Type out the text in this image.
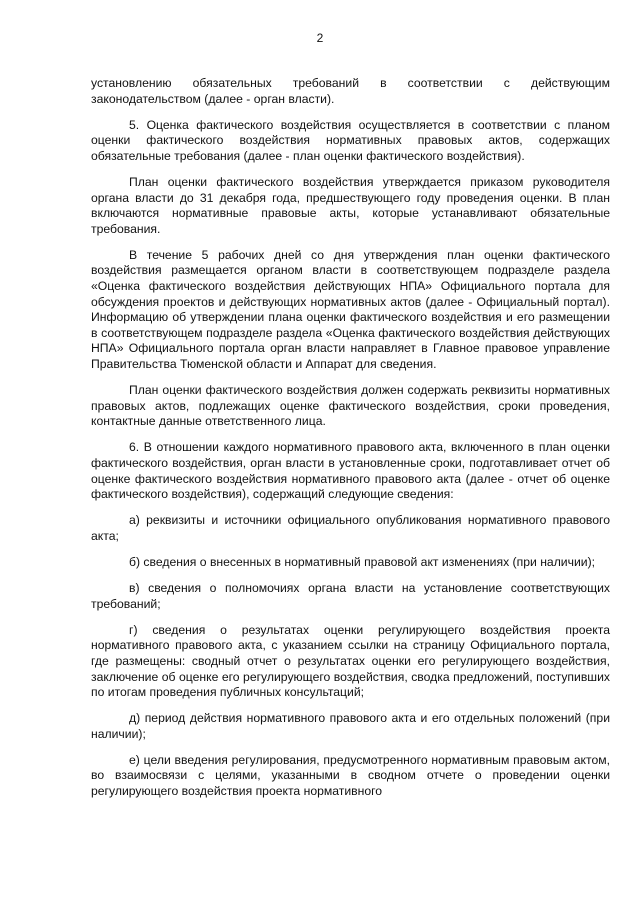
2

установлению обязательных требований в соответствии с действующим законодательством (далее - орган власти).

5. Оценка фактического воздействия осуществляется в соответствии с планом оценки фактического воздействия нормативных правовых актов, содержащих обязательные требования (далее - план оценки фактического воздействия).

План оценки фактического воздействия утверждается приказом руководителя органа власти до 31 декабря года, предшествующего году проведения оценки. В план включаются нормативные правовые акты, которые устанавливают обязательные требования.

В течение 5 рабочих дней со дня утверждения план оценки фактического воздействия размещается органом власти в соответствующем подразделе раздела «Оценка фактического воздействия действующих НПА» Официального портала для обсуждения проектов и действующих нормативных актов (далее - Официальный портал). Информацию об утверждении плана оценки фактического воздействия и его размещении в соответствующем подразделе раздела «Оценка фактического воздействия действующих НПА» Официального портала орган власти направляет в Главное правовое управление Правительства Тюменской области и Аппарат для сведения.

План оценки фактического воздействия должен содержать реквизиты нормативных правовых актов, подлежащих оценке фактического воздействия, сроки проведения, контактные данные ответственного лица.

6. В отношении каждого нормативного правового акта, включенного в план оценки фактического воздействия, орган власти в установленные сроки, подготавливает отчет об оценке фактического воздействия нормативного правового акта (далее - отчет об оценке фактического воздействия), содержащий следующие сведения:

а) реквизиты и источники официального опубликования нормативного правового акта;

б) сведения о внесенных в нормативный правовой акт изменениях (при наличии);

в) сведения о полномочиях органа власти на установление соответствующих требований;

г) сведения о результатах оценки регулирующего воздействия проекта нормативного правового акта, с указанием ссылки на страницу Официального портала, где размещены: сводный отчет о результатах оценки его регулирующего воздействия, заключение об оценке его регулирующего воздействия, сводка предложений, поступивших по итогам проведения публичных консультаций;

д) период действия нормативного правового акта и его отдельных положений (при наличии);

е) цели введения регулирования, предусмотренного нормативным правовым актом, во взаимосвязи с целями, указанными в сводном отчете о проведении оценки регулирующего воздействия проекта нормативного
